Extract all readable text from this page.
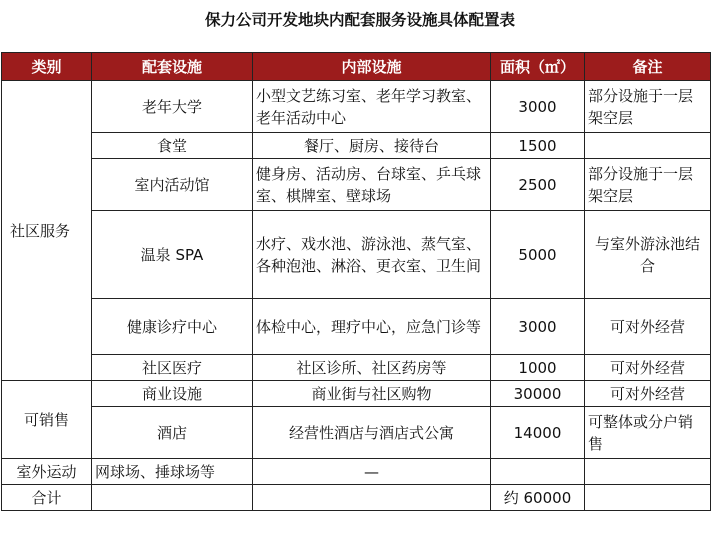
保力公司开发地块内配套服务设施具体配置表
类别	配套设施	内部设施	面积（㎡）	备注
社区服务	老年大学	小型文艺练习室、老年学习教室、老年活动中心	3000	部分设施于一层架空层
	食堂	餐厅、厨房、接待台	1500	
	室内活动馆	健身房、活动房、台球室、乒乓球室、棋牌室、壁球场	2500	部分设施于一层架空层
	温泉 SPA	水疗、戏水池、游泳池、蒸气室、各种泡池、淋浴、更衣室、卫生间	5000	与室外游泳池结合
	健康诊疗中心	体检中心，理疗中心，应急门诊等	3000	可对外经营
	社区医疗	社区诊所、社区药房等	1000	可对外经营
可销售	商业设施	商业街与社区购物	30000	可对外经营
	酒店	经营性酒店与酒店式公寓	14000	可整体或分户销售
室外运动	网球场、捶球场等	—		
合计			约 60000	
